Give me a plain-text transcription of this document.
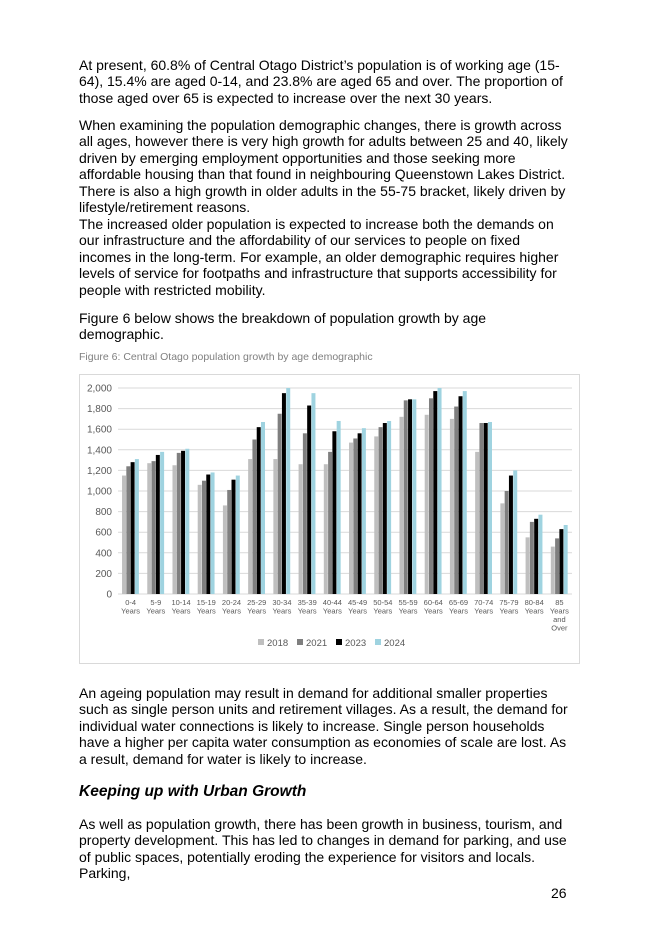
At present, 60.8% of Central Otago District’s population is of working age (15-64), 15.4% are aged 0-14, and 23.8% are aged 65 and over. The proportion of those aged over 65 is expected to increase over the next 30 years.

When examining the population demographic changes, there is growth across all ages, however there is very high growth for adults between 25 and 40, likely driven by emerging employment opportunities and those seeking more affordable housing than that found in neighbouring Queenstown Lakes District. There is also a high growth in older adults in the 55-75 bracket, likely driven by lifestyle/retirement reasons.

The increased older population is expected to increase both the demands on our infrastructure and the affordability of our services to people on fixed incomes in the long-term. For example, an older demographic requires higher levels of service for footpaths and infrastructure that supports accessibility for people with restricted mobility.

Figure 6 below shows the breakdown of population growth by age demographic.

Figure 6: Central Otago population growth by age demographic

0
200
400
600
800
1,000
1,200
1,400
1,600
1,800
2,000
0-4 Years
5-9 Years
10-14 Years
15-19 Years
20-24 Years
25-29 Years
30-34 Years
35-39 Years
40-44 Years
45-49 Years
50-54 Years
55-59 Years
60-64 Years
65-69 Years
70-74 Years
75-79 Years
80-84 Years
85 Years and Over
2018 2021 2023 2024

An ageing population may result in demand for additional smaller properties such as single person units and retirement villages. As a result, the demand for individual water connections is likely to increase. Single person households have a higher per capita water consumption as economies of scale are lost. As a result, demand for water is likely to increase.

Keeping up with Urban Growth

As well as population growth, there has been growth in business, tourism, and property development. This has led to changes in demand for parking, and use of public spaces, potentially eroding the experience for visitors and locals. Parking,

26
